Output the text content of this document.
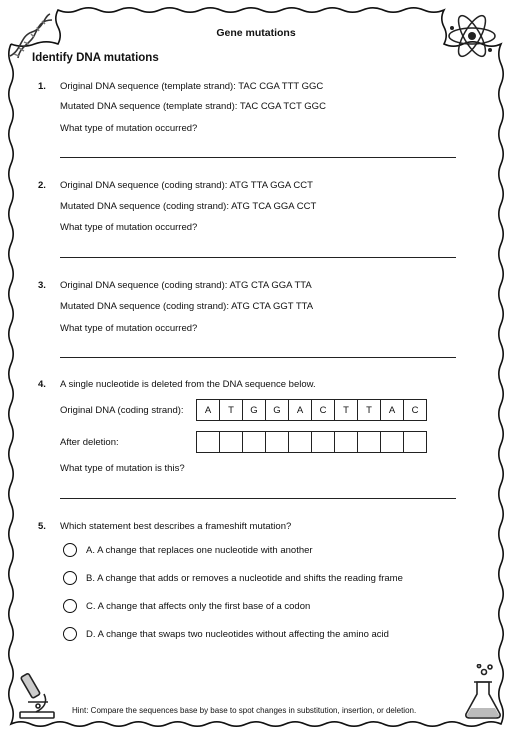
Gene mutations
Identify DNA mutations
1. Original DNA sequence (template strand): TAC CGA TTT GGC
Mutated DNA sequence (template strand): TAC CGA TCT GGC
What type of mutation occurred?
2. Original DNA sequence (coding strand): ATG TTA GGA CCT
Mutated DNA sequence (coding strand): ATG TCA GGA CCT
What type of mutation occurred?
3. Original DNA sequence (coding strand): ATG CTA GGA TTA
Mutated DNA sequence (coding strand): ATG CTA GGT TTA
What type of mutation occurred?
4. A single nucleotide is deleted from the DNA sequence below.
Original DNA (coding strand):	A	T	G	G	A	C	T	T	A	C
After deletion:
What type of mutation is this?
5. Which statement best describes a frameshift mutation?
A. A change that replaces one nucleotide with another
B. A change that adds or removes a nucleotide and shifts the reading frame
C. A change that affects only the first base of a codon
D. A change that swaps two nucleotides without affecting the amino acid
Hint: Compare the sequences base by base to spot changes in substitution, insertion, or deletion.
